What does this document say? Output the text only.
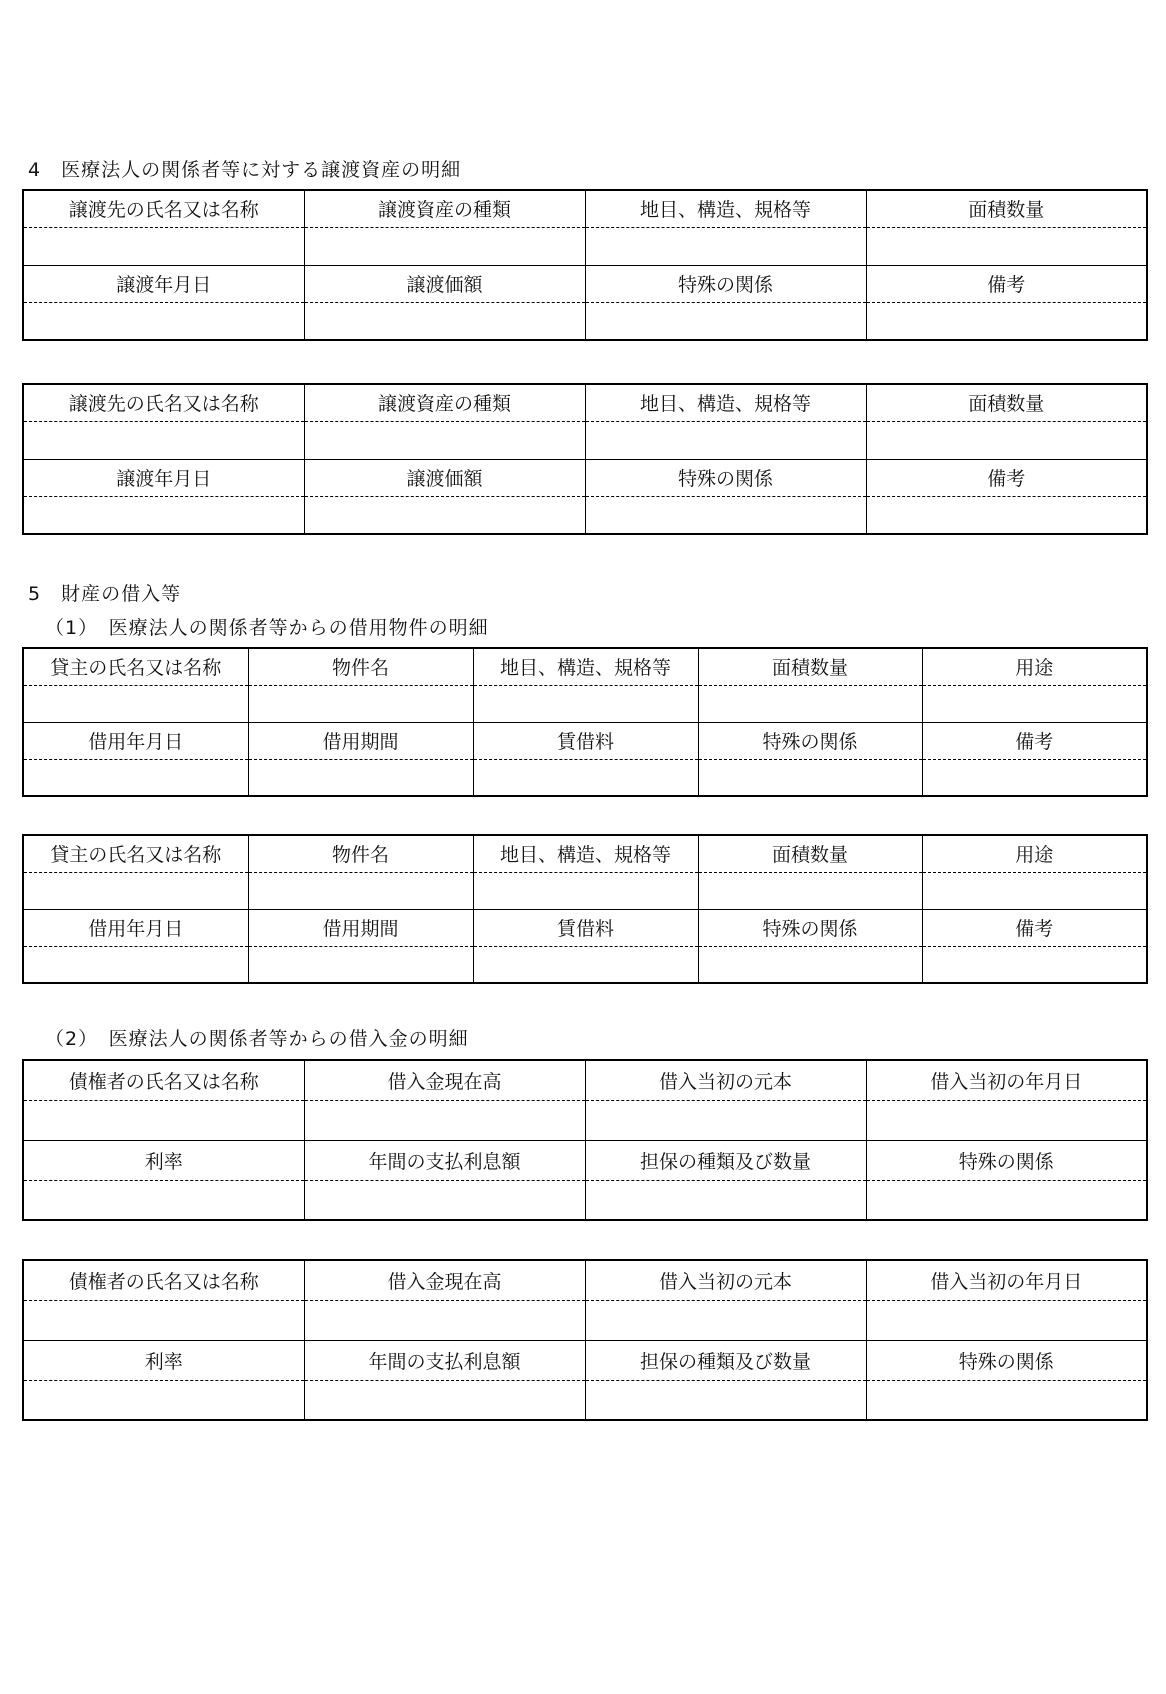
4　医療法人の関係者等に対する譲渡資産の明細
譲渡先の氏名又は名称	譲渡資産の種類	地目、構造、規格等	面積数量

譲渡年月日	譲渡価額	特殊の関係	備考

譲渡先の氏名又は名称	譲渡資産の種類	地目、構造、規格等	面積数量

譲渡年月日	譲渡価額	特殊の関係	備考

5　財産の借入等
（1）　医療法人の関係者等からの借用物件の明細
貸主の氏名又は名称	物件名	地目、構造、規格等	面積数量	用途

借用年月日	借用期間	賃借料	特殊の関係	備考

貸主の氏名又は名称	物件名	地目、構造、規格等	面積数量	用途

借用年月日	借用期間	賃借料	特殊の関係	備考

（2）　医療法人の関係者等からの借入金の明細
債権者の氏名又は名称	借入金現在高	借入当初の元本	借入当初の年月日

利率	年間の支払利息額	担保の種類及び数量	特殊の関係

債権者の氏名又は名称	借入金現在高	借入当初の元本	借入当初の年月日

利率	年間の支払利息額	担保の種類及び数量	特殊の関係
